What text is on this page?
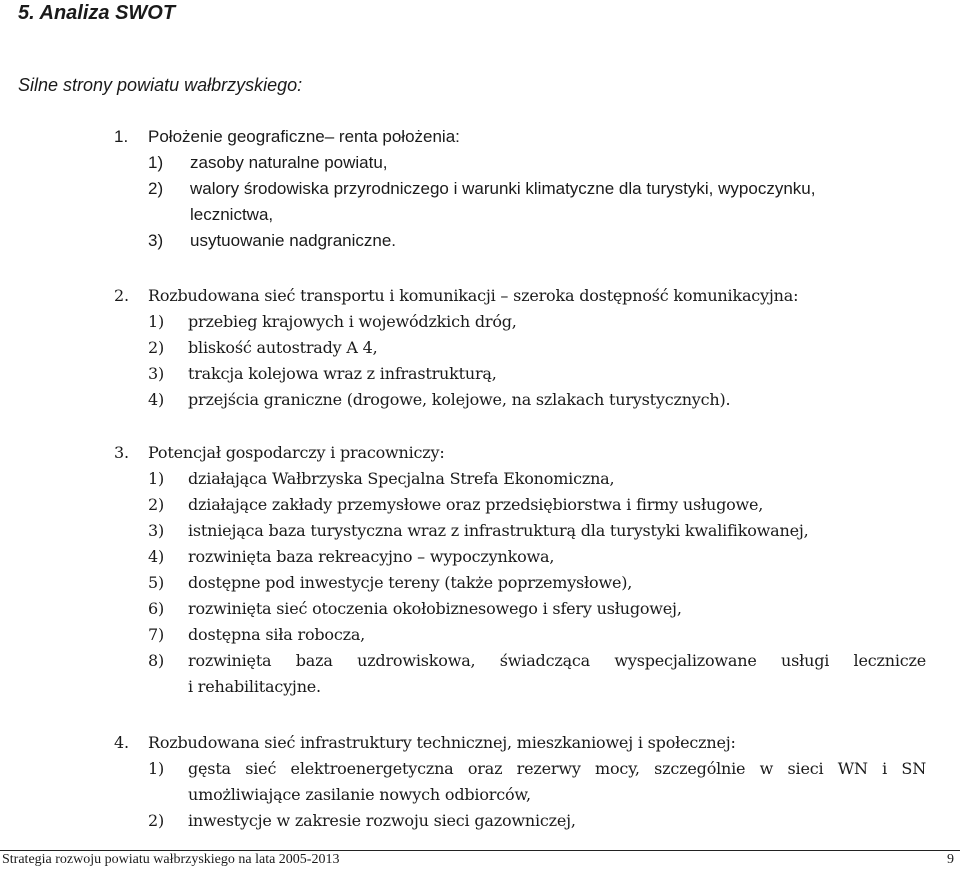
5. Analiza SWOT
Silne strony powiatu wałbrzyskiego:
1. Położenie geograficzne– renta położenia:
1) zasoby naturalne powiatu,
2) walory środowiska przyrodniczego i warunki klimatyczne dla turystyki, wypoczynku,
lecznictwa,
3) usytuowanie nadgraniczne.
2. Rozbudowana sieć transportu i komunikacji – szeroka dostępność komunikacyjna:
1) przebieg krajowych i wojewódzkich dróg,
2) bliskość autostrady A 4,
3) trakcja kolejowa wraz z infrastrukturą,
4) przejścia graniczne (drogowe, kolejowe, na szlakach turystycznych).
3. Potencjał gospodarczy i pracowniczy:
1) działająca Wałbrzyska Specjalna Strefa Ekonomiczna,
2) działające zakłady przemysłowe oraz przedsiębiorstwa i firmy usługowe,
3) istniejąca baza turystyczna wraz z infrastrukturą dla turystyki kwalifikowanej,
4) rozwinięta baza rekreacyjno – wypoczynkowa,
5) dostępne pod inwestycje tereny (także poprzemysłowe),
6) rozwinięta sieć otoczenia okołobiznesowego i sfery usługowej,
7) dostępna siła robocza,
8) rozwinięta baza uzdrowiskowa, świadcząca wyspecjalizowane usługi lecznicze
i rehabilitacyjne.
4. Rozbudowana sieć infrastruktury technicznej, mieszkaniowej i społecznej:
1) gęsta sieć elektroenergetyczna oraz rezerwy mocy, szczególnie w sieci WN i SN
umożliwiające zasilanie nowych odbiorców,
2) inwestycje w zakresie rozwoju sieci gazowniczej,
Strategia rozwoju powiatu wałbrzyskiego na lata 2005-2013	9
